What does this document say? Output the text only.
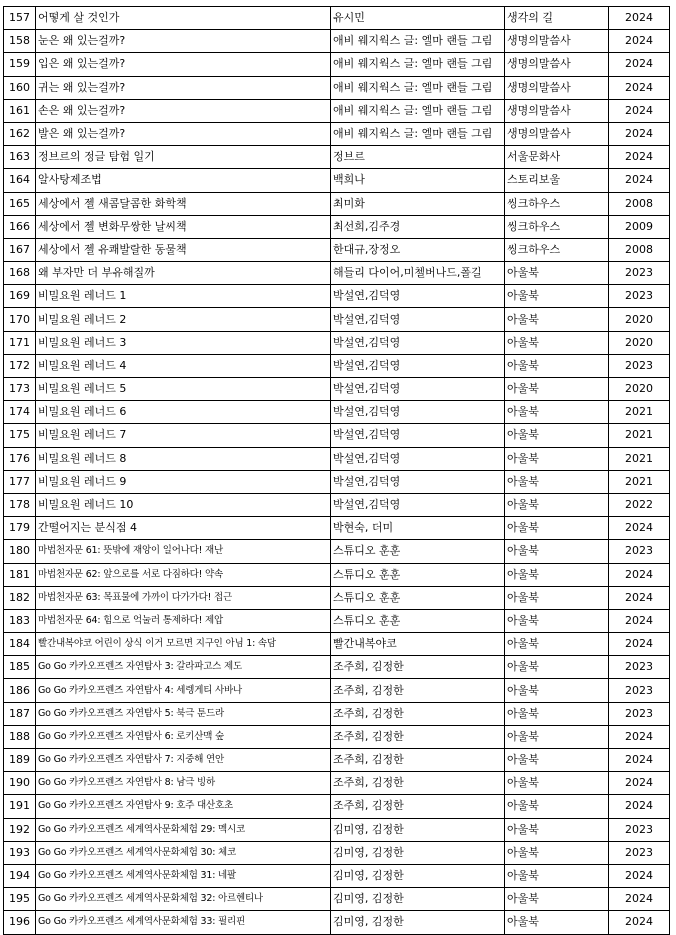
157	어떻게 살 것인가	유시민	생각의 길	2024
158	눈은 왜 있는걸까?	애비 웨지웍스 글: 엘마 랜들 그림	생명의말씀사	2024
159	입은 왜 있는걸까?	애비 웨지웍스 글: 엘마 랜들 그림	생명의말씀사	2024
160	귀는 왜 있는걸까?	애비 웨지웍스 글: 엘마 랜들 그림	생명의말씀사	2024
161	손은 왜 있는걸까?	애비 웨지웍스 글: 엘마 랜들 그림	생명의말씀사	2024
162	발은 왜 있는걸까?	애비 웨지웍스 글: 엘마 랜들 그림	생명의말씀사	2024
163	정브르의 정글 탐험 일기	정브르	서울문화사	2024
164	알사탕제조법	백희나	스토리보울	2024
165	세상에서 젤 새콤달콤한 화학책	최미화	씽크하우스	2008
166	세상에서 젤 변화무쌍한 날씨책	최선희,김주경	씽크하우스	2009
167	세상에서 젤 유쾌발랄한 동물책	한대규,장정오	씽크하우스	2008
168	왜 부자만 더 부유해질까	해들리 다이어,미첼버나드,폴길	아울북	2023
169	비밀요원 레너드 1	박설연,김덕영	아울북	2023
170	비밀요원 레너드 2	박설연,김덕영	아울북	2020
171	비밀요원 레너드 3	박설연,김덕영	아울북	2020
172	비밀요원 레너드 4	박설연,김덕영	아울북	2023
173	비밀요원 레너드 5	박설연,김덕영	아울북	2020
174	비밀요원 레너드 6	박설연,김덕영	아울북	2021
175	비밀요원 레너드 7	박설연,김덕영	아울북	2021
176	비밀요원 레너드 8	박설연,김덕영	아울북	2021
177	비밀요원 레너드 9	박설연,김덕영	아울북	2021
178	비밀요원 레너드 10	박설연,김덕영	아울북	2022
179	간떨어지는 분식점 4	박현숙, 더미	아울북	2024
180	마법천자문 61: 뜻밖에 재앙이 일어나다! 재난	스튜디오 훈훈	아울북	2023
181	마법천자문 62: 앞으로를 서로 다짐하다! 약속	스튜디오 훈훈	아울북	2024
182	마법천자문 63: 목표물에 가까이 다가가다! 접근	스튜디오 훈훈	아울북	2024
183	마법천자문 64: 힘으로 억눌러 통제하다! 제압	스튜디오 훈훈	아울북	2024
184	빨간내복야코 어린이 상식 이거 모르면 지구인 아님 1: 속담	빨간내복야코	아울북	2024
185	Go Go 카카오프렌즈 자연탐사 3: 갈라파고스 제도	조주희, 김정한	아울북	2023
186	Go Go 카카오프렌즈 자연탐사 4: 세렝게티 사바나	조주희, 김정한	아울북	2023
187	Go Go 카카오프렌즈 자연탐사 5: 북극 툰드라	조주희, 김정한	아울북	2023
188	Go Go 카카오프렌즈 자연탐사 6: 로키산맥 숲	조주희, 김정한	아울북	2024
189	Go Go 카카오프렌즈 자연탐사 7: 지중해 연안	조주희, 김정한	아울북	2024
190	Go Go 카카오프렌즈 자연탐사 8: 남극 빙하	조주희, 김정한	아울북	2024
191	Go Go 카카오프렌즈 자연탐사 9: 호주 대산호초	조주희, 김정한	아울북	2024
192	Go Go 카카오프렌즈 세계역사문화체험 29: 멕시코	김미영, 김정한	아울북	2023
193	Go Go 카카오프렌즈 세계역사문화체험 30: 체코	김미영, 김정한	아울북	2023
194	Go Go 카카오프렌즈 세계역사문화체험 31: 네팔	김미영, 김정한	아울북	2024
195	Go Go 카카오프렌즈 세계역사문화체험 32: 아르헨티나	김미영, 김정한	아울북	2024
196	Go Go 카카오프렌즈 세계역사문화체험 33: 필리핀	김미영, 김정한	아울북	2024
